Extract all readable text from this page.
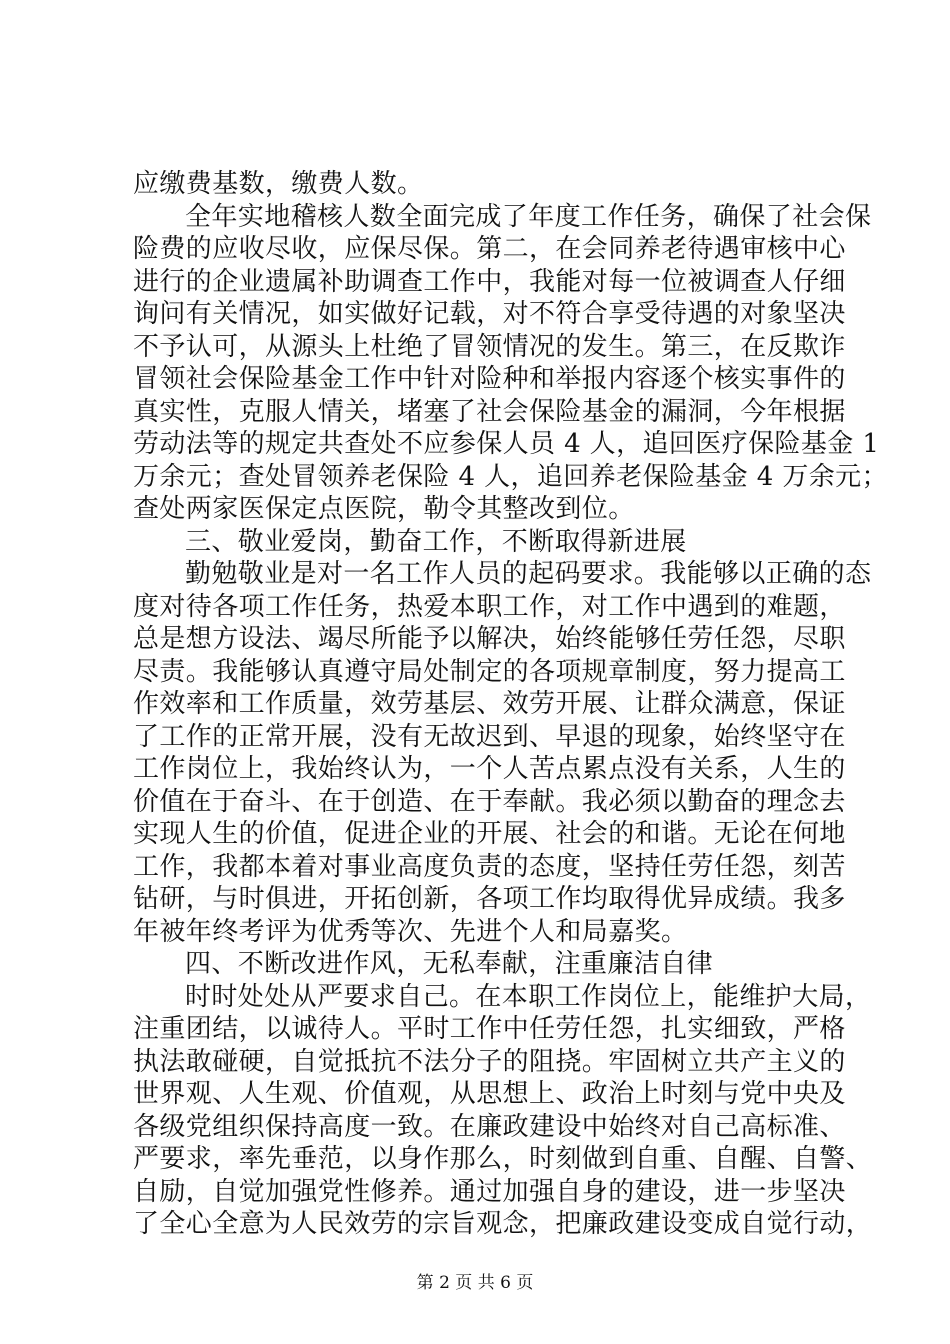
应缴费基数，缴费人数。
全年实地稽核人数全面完成了年度工作任务，确保了社会保
险费的应收尽收，应保尽保。第二，在会同养老待遇审核中心
进行的企业遗属补助调查工作中，我能对每一位被调查人仔细
询问有关情况，如实做好记载，对不符合享受待遇的对象坚决
不予认可，从源头上杜绝了冒领情况的发生。第三，在反欺诈
冒领社会保险基金工作中针对险种和举报内容逐个核实事件的
真实性，克服人情关，堵塞了社会保险基金的漏洞，今年根据
劳动法等的规定共查处不应参保人员 4 人，追回医疗保险基金 1
万余元；查处冒领养老保险 4 人，追回养老保险基金 4 万余元；
查处两家医保定点医院，勒令其整改到位。
三、敬业爱岗，勤奋工作，不断取得新进展
勤勉敬业是对一名工作人员的起码要求。我能够以正确的态
度对待各项工作任务，热爱本职工作，对工作中遇到的难题，
总是想方设法、竭尽所能予以解决，始终能够任劳任怨，尽职
尽责。我能够认真遵守局处制定的各项规章制度，努力提高工
作效率和工作质量，效劳基层、效劳开展、让群众满意，保证
了工作的正常开展，没有无故迟到、早退的现象，始终坚守在
工作岗位上，我始终认为，一个人苦点累点没有关系，人生的
价值在于奋斗、在于创造、在于奉献。我必须以勤奋的理念去
实现人生的价值，促进企业的开展、社会的和谐。无论在何地
工作，我都本着对事业高度负责的态度，坚持任劳任怨，刻苦
钻研，与时俱进，开拓创新，各项工作均取得优异成绩。我多
年被年终考评为优秀等次、先进个人和局嘉奖。
四、不断改进作风，无私奉献，注重廉洁自律
时时处处从严要求自己。在本职工作岗位上，能维护大局，
注重团结，以诚待人。平时工作中任劳任怨，扎实细致，严格
执法敢碰硬，自觉抵抗不法分子的阻挠。牢固树立共产主义的
世界观、人生观、价值观，从思想上、政治上时刻与党中央及
各级党组织保持高度一致。在廉政建设中始终对自己高标准、
严要求，率先垂范，以身作那么，时刻做到自重、自醒、自警、
自励，自觉加强党性修养。通过加强自身的建设，进一步坚决
了全心全意为人民效劳的宗旨观念，把廉政建设变成自觉行动，
第 2 页 共 6 页
